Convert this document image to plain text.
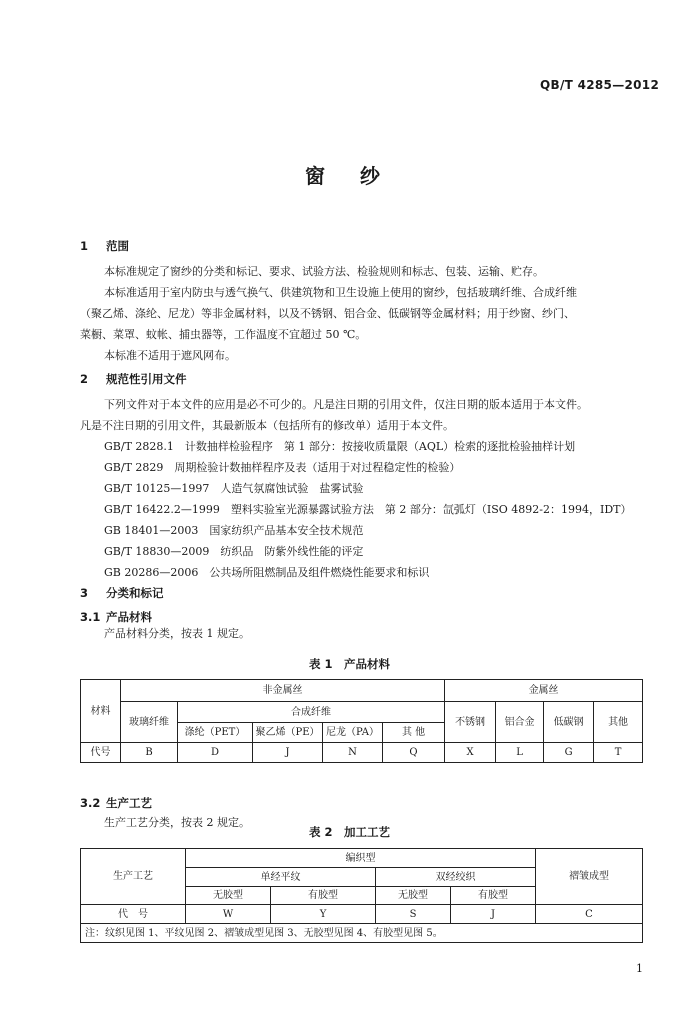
QB/T 4285—2012
窗 纱
1 范围
本标准规定了窗纱的分类和标记、要求、试验方法、检验规则和标志、包装、运输、贮存。
本标准适用于室内防虫与透气换气、供建筑物和卫生设施上使用的窗纱，包括玻璃纤维、合成纤维
（聚乙烯、涤纶、尼龙）等非金属材料，以及不锈钢、铝合金、低碳钢等金属材料；用于纱窗、纱门、
菜橱、菜罩、蚊帐、捕虫器等，工作温度不宜超过 50 ℃。
本标准不适用于遮风网布。
2 规范性引用文件
下列文件对于本文件的应用是必不可少的。凡是注日期的引用文件，仅注日期的版本适用于本文件。
凡是不注日期的引用文件，其最新版本（包括所有的修改单）适用于本文件。
GB/T 2828.1　计数抽样检验程序　第 1 部分：按接收质量限（AQL）检索的逐批检验抽样计划
GB/T 2829　周期检验计数抽样程序及表（适用于对过程稳定性的检验）
GB/T 10125—1997　人造气氛腐蚀试验　盐雾试验
GB/T 16422.2—1999　塑料实验室光源暴露试验方法　第 2 部分：氙弧灯（ISO 4892-2：1994，IDT）
GB 18401—2003　国家纺织产品基本安全技术规范
GB/T 18830—2009　纺织品　防紫外线性能的评定
GB 20286—2006　公共场所阻燃制品及组件燃烧性能要求和标识
3 分类和标记
3.1 产品材料
产品材料分类，按表 1 规定。
表 1　产品材料
材料	非金属丝					金属丝			
	玻璃纤维	合成纤维				不锈钢	铝合金	低碳钢	其他
		涤纶（PET）	聚乙烯（PE）	尼龙（PA）	其 他				
代号	B	D	J	N	Q	X	L	G	T
3.2 生产工艺
生产工艺分类，按表 2 规定。
表 2　加工工艺
生产工艺	编织型				褶皱成型
	单经平纹		双经绞织		
	无胶型	有胶型	无胶型	有胶型	
代　号	W	Y	S	J	C
注：纹织见图 1、平纹见图 2、褶皱成型见图 3、无胶型见图 4、有胶型见图 5。					
1
